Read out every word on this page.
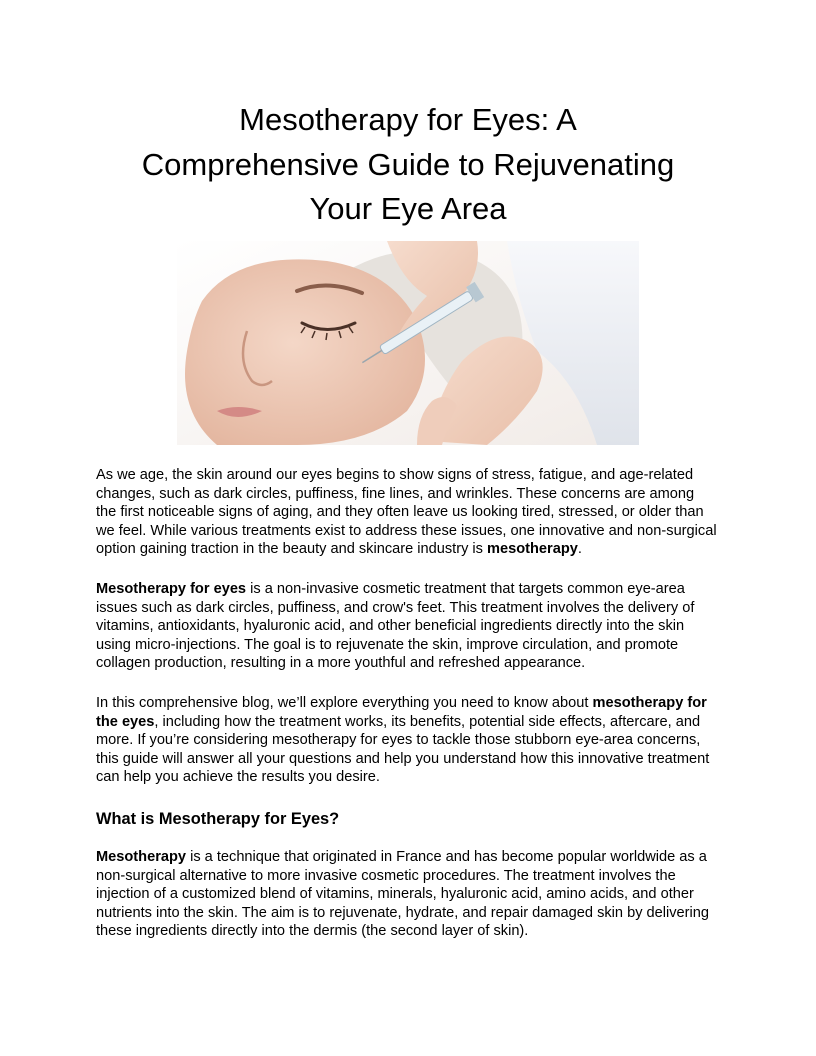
Mesotherapy for Eyes: A
Comprehensive Guide to Rejuvenating
Your Eye Area

As we age, the skin around our eyes begins to show signs of stress, fatigue, and age-related
changes, such as dark circles, puffiness, fine lines, and wrinkles. These concerns are among
the first noticeable signs of aging, and they often leave us looking tired, stressed, or older than
we feel. While various treatments exist to address these issues, one innovative and non-surgical
option gaining traction in the beauty and skincare industry is mesotherapy.

Mesotherapy for eyes is a non-invasive cosmetic treatment that targets common eye-area
issues such as dark circles, puffiness, and crow's feet. This treatment involves the delivery of
vitamins, antioxidants, hyaluronic acid, and other beneficial ingredients directly into the skin
using micro-injections. The goal is to rejuvenate the skin, improve circulation, and promote
collagen production, resulting in a more youthful and refreshed appearance.

In this comprehensive blog, we’ll explore everything you need to know about mesotherapy for
the eyes, including how the treatment works, its benefits, potential side effects, aftercare, and
more. If you’re considering mesotherapy for eyes to tackle those stubborn eye-area concerns,
this guide will answer all your questions and help you understand how this innovative treatment
can help you achieve the results you desire.

What is Mesotherapy for Eyes?

Mesotherapy is a technique that originated in France and has become popular worldwide as a
non-surgical alternative to more invasive cosmetic procedures. The treatment involves the
injection of a customized blend of vitamins, minerals, hyaluronic acid, amino acids, and other
nutrients into the skin. The aim is to rejuvenate, hydrate, and repair damaged skin by delivering
these ingredients directly into the dermis (the second layer of skin).
